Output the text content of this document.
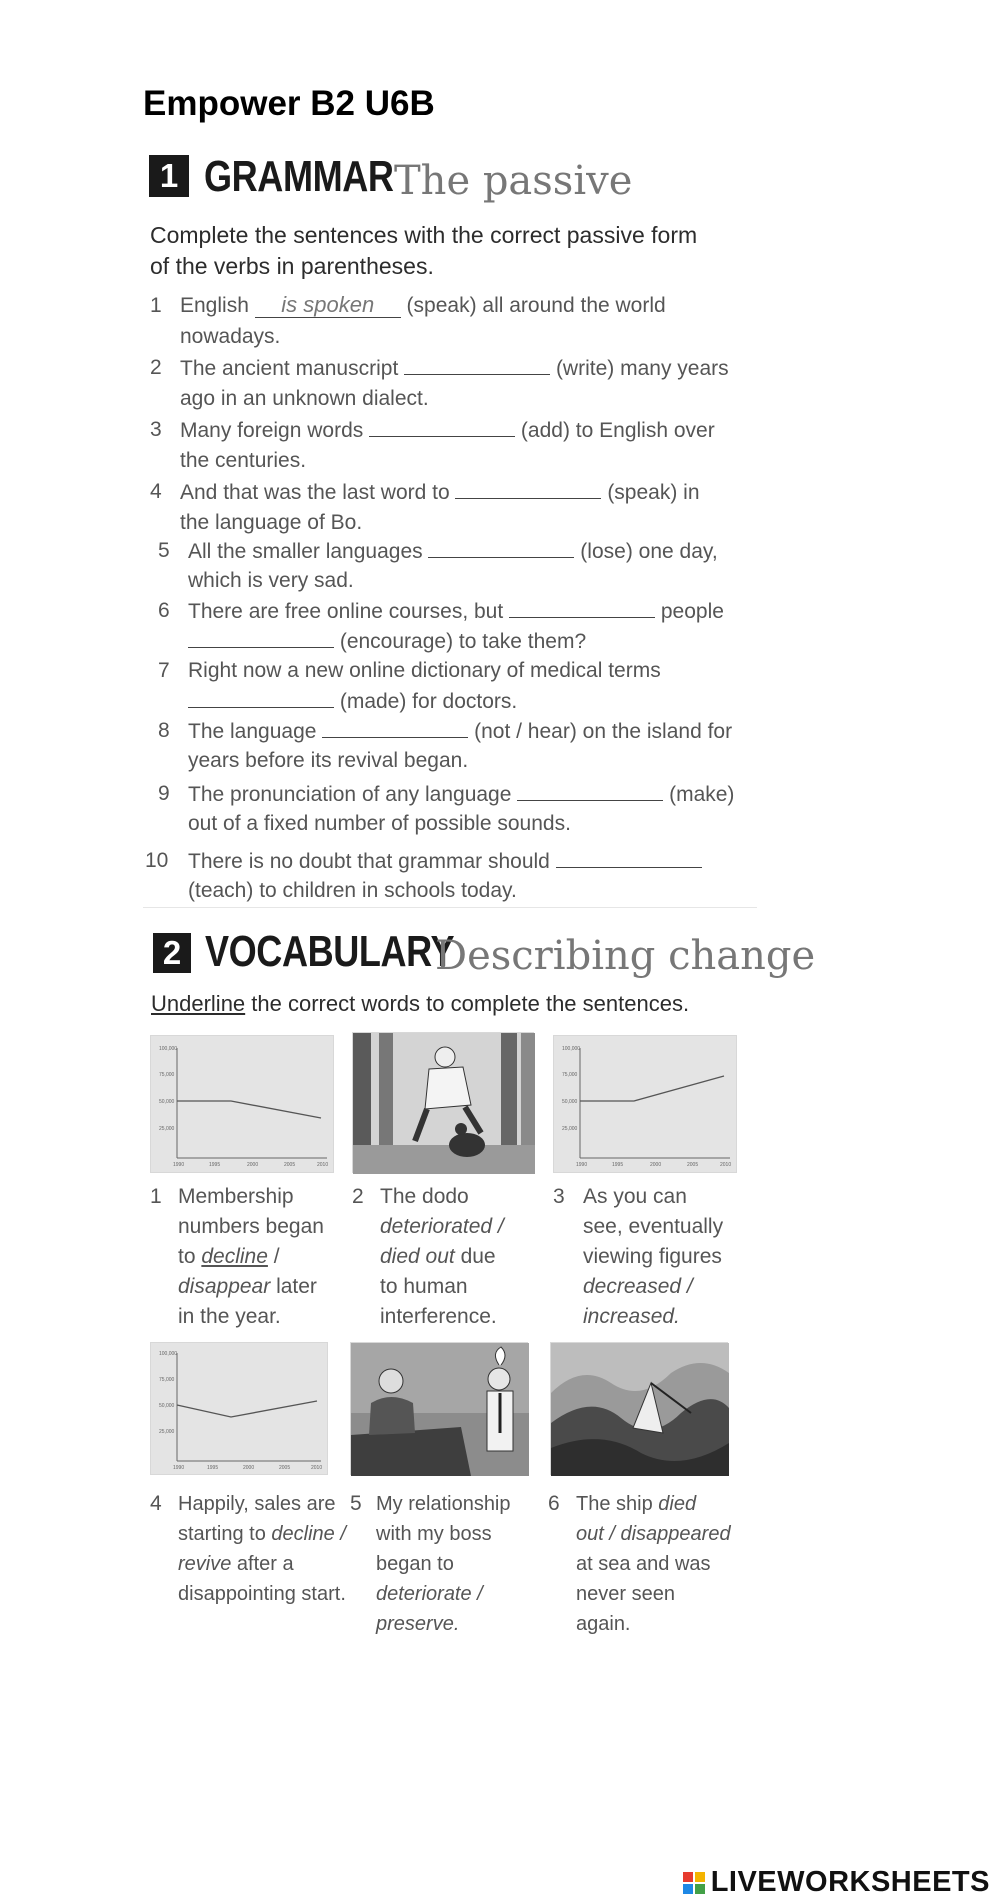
Empower B2 U6B
1 GRAMMAR The passive
Complete the sentences with the correct passive form
of the verbs in parentheses.
1 English is spoken (speak) all around the world
nowadays.
2 The ancient manuscript	(write) many years
ago in an unknown dialect.
3 Many foreign words	(add) to English over
the centuries.
4 And that was the last word to	(speak) in
the language of Bo.
5 All the smaller languages	(lose) one day,
which is very sad.
6 There are free online courses, but	people
(encourage) to take them?
7 Right now a new online dictionary of medical terms
(made) for doctors.
8 The language	(not / hear) on the island for
years before its revival began.
9 The pronunciation of any language	(make)
out of a fixed number of possible sounds.
10 There is no doubt that grammar should
(teach) to children in schools today.
2 VOCABULARY
Describing change
Underline the correct words to complete the sentences.
100,000
75,000
50,000
25,000
1990	1995	2000	2005	2010
100,000
75,000
50,000
25,000
1990	1995	2000	2005	2010
1 Membership
numbers began
to decline /
disappear later
in the year.
2 The dodo
deteriorated /
died out due
to human
interference.
3 As you can
see, eventually
viewing figures
decreased /
increased.
100,000
75,000
50,000
25,000
1990	1995	2000	2005	2010
4 Happily, sales are
starting to decline /
revive after a
disappointing start.
5 My relationship
with my boss
began to
deteriorate /
preserve.
6 The ship died
out / disappeared
at sea and was
never seen
again.
LIVEWORKSHEETS
